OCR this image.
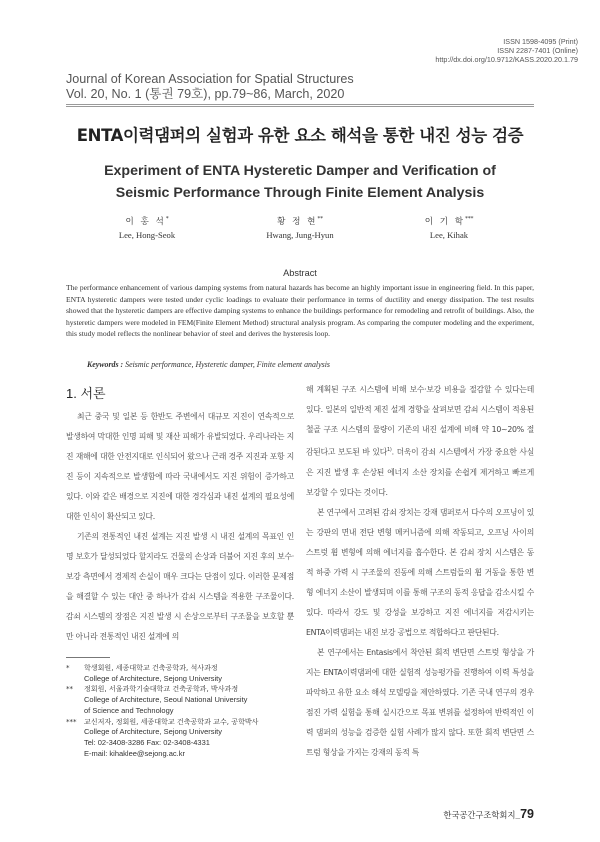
ISSN 1598-4095 (Print)
ISSN 2287-7401 (Online)
http://dx.doi.org/10.9712/KASS.2020.20.1.79
Journal of Korean Association for Spatial Structures
Vol. 20, No. 1 (통권 79호), pp.79~86, March, 2020
ENTA이력댐퍼의 실험과 유한 요소 해석을 통한 내진 성능 검증
Experiment of ENTA Hysteretic Damper and Verification of
Seismic Performance Through Finite Element Analysis
이 홍 석*
Lee, Hong-Seok
황 정 현**
Hwang, Jung-Hyun
이 기 학***
Lee, Kihak
Abstract
The performance enhancement of various damping systems from natural hazards has become an highly important issue in engineering field. In this paper, ENTA hysteretic dampers were tested under cyclic loadings to evaluate their performance in terms of ductility and energy dissipation. The test results showed that the hysteretic dampers are effective damping systems to enhance the buildings performance for remodeling and retrofit of buildings. Also, the hysteretic dampers were modeled in FEM(Finite Element Method) structural analysis program. As comparing the computer modeling and the experiment, this study model reflects the nonlinear behavior of steel and derives the hysteresis loop.
Keywords : Seismic performance, Hysteretic damper, Finite element analysis
1. 서론

최근 중국 및 일본 등 한반도 주변에서 대규모 지진이 연속적으로 발생하여 막대한 인명 피해 및 재산 피해가 유발되었다. 우리나라는 지진 재해에 대한 안전지대로 인식되어 왔으나 근래 경주 지진과 포항 지진 등이 지속적으로 발생함에 따라 국내에서도 지진 위험이 증가하고 있다. 이와 같은 배경으로 지진에 대한 경각심과 내진 설계의 필요성에 대한 인식이 확산되고 있다.

기존의 전통적인 내진 설계는 지진 발생 시 내진 설계의 목표인 인명 보호가 달성되었다 할지라도 건물의 손상과 더불어 지진 후의 보수·보강 측면에서 경제적 손실이 매우 크다는 단점이 있다. 이러한 문제점을 해결할 수 있는 대안 중 하나가 감쇠 시스템을 적용한 구조물이다. 감쇠 시스템의 장점은 지진 발생 시 손상으로부터 구조물을 보호할 뿐만 아니라 전통적인 내진 설계에 의

해 계획된 구조 시스템에 비해 보수·보강 비용을 절감할 수 있다는데 있다. 일본의 일반적 제진 설계 경향을 살펴보면 감쇠 시스템이 적용된 철골 구조 시스템의 물량이 기존의 내진 설계에 비해 약 10~20% 절감된다고 보도된 바 있다$^{1)}$. 더욱이 감쇠 시스템에서 가장 중요한 사실은 지진 발생 후 손상된 에너지 소산 장치를 손쉽게 제거하고 빠르게 보강할 수 있다는 것이다.

본 연구에서 고려된 감쇠 장치는 강재 댐퍼로서 다수의 오프닝이 있는 강판의 면내 전단 변형 메커니즘에 의해 작동되고, 오프닝 사이의 스트럿 휨 변형에 의해 에너지를 흡수한다. 본 감쇠 장치 시스템은 동적 하중 가력 시 구조물의 진동에 의해 스트럼들의 휨 거동을 통한 변형 에너지 소산이 발생되며 이를 통해 구조의 동적 응답을 감소시킬 수 있다. 따라서 강도 및 강성을 보강하고 지진 에너지를 저감시키는 ENTA이력댐퍼는 내진 보강 공법으로 적합하다고 판단된다.

본 연구에서는 Entasis에서 착안된 회적 변단면 스트럿 형상을 가지는 ENTA이력댐퍼에 대한 실험적 성능평가를 진행하여 이력 특성을 파악하고 유한 요소 해석 모델링을 제안하였다. 기존 국내 연구의 경우 점진 가력 실험을 통해 실시간으로 목표 변위를 설정하여 반력적인 이력 댐퍼의 성능을 검증한 실험 사례가 많지 않다. 또한 회적 변단면 스트럼 형상을 가지는 강재의 동적 특

* 학생회원, 세종대학교 건축공학과, 석사과정
College of Architecture, Sejong University
** 정회원, 서울과학기술대학교 건축공학과, 박사과정
College of Architecture, Seoul National University
of Science and Technology
*** 교신저자, 정회원, 세종대학교 건축공학과 교수, 공학박사
College of Architecture, Sejong University
Tel: 02-3408-3286 Fax: 02-3408-4331
E-mail: kihaklee@sejong.ac.kr
한국공간구조학회지_79
